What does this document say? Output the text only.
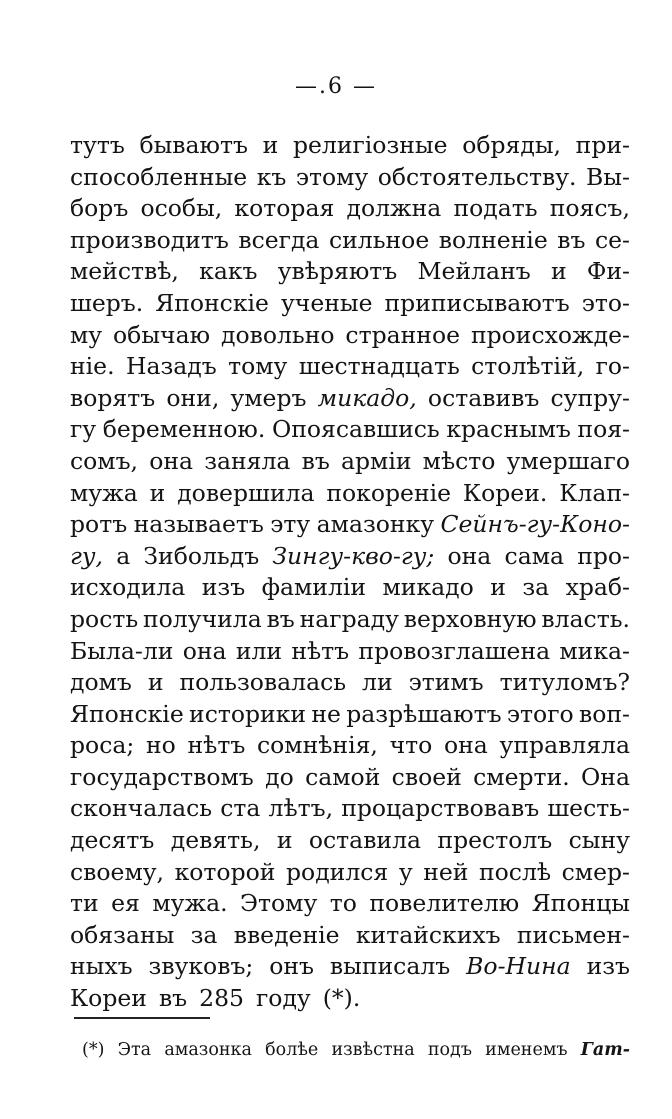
—.6 —
тутъ бываютъ и религіозные обряды, при-
способленные къ этому обстоятельству. Вы-
боръ особы, которая должна подать поясъ,
производитъ всегда сильное волненіе въ се-
мействѣ, какъ увѣряютъ Мейланъ и Фи-
шеръ. Японскіе ученые приписываютъ это-
му обычаю довольно странное происхожде-
ніе. Назадъ тому шестнадцать столѣтій, го-
ворятъ они, умеръ микадо, оставивъ супру-
гу беременною. Опоясавшись краснымъ поя-
сомъ, она заняла въ арміи мѣсто умершаго
мужа и довершила покореніе Кореи. Клап-
ротъ называетъ эту амазонку Сейнъ-гу-Коно-
гу, а Зибольдъ Зингу-кво-гу; она сама про-
исходила изъ фамиліи микадо и за храб-
рость получила въ награду верховную власть.
Была-ли она или нѣтъ провозглашена мика-
домъ и пользовалась ли этимъ титуломъ?
Японскіе историки не разрѣшаютъ этого воп-
роса; но нѣтъ сомнѣнія, что она управляла
государствомъ до самой своей смерти. Она
скончалась ста лѣтъ, процарствовавъ шесть-
десятъ девять, и оставила престолъ сыну
своему, которой родился у ней послѣ смер-
ти ея мужа. Этому то повелителю Японцы
обязаны за введеніе китайскихъ письмен-
ныхъ звуковъ; онъ выписалъ Во-Нина изъ
Кореи въ 285 году (*).
(*) Эта амазонка болѣе извѣстна подъ именемъ Гат-
